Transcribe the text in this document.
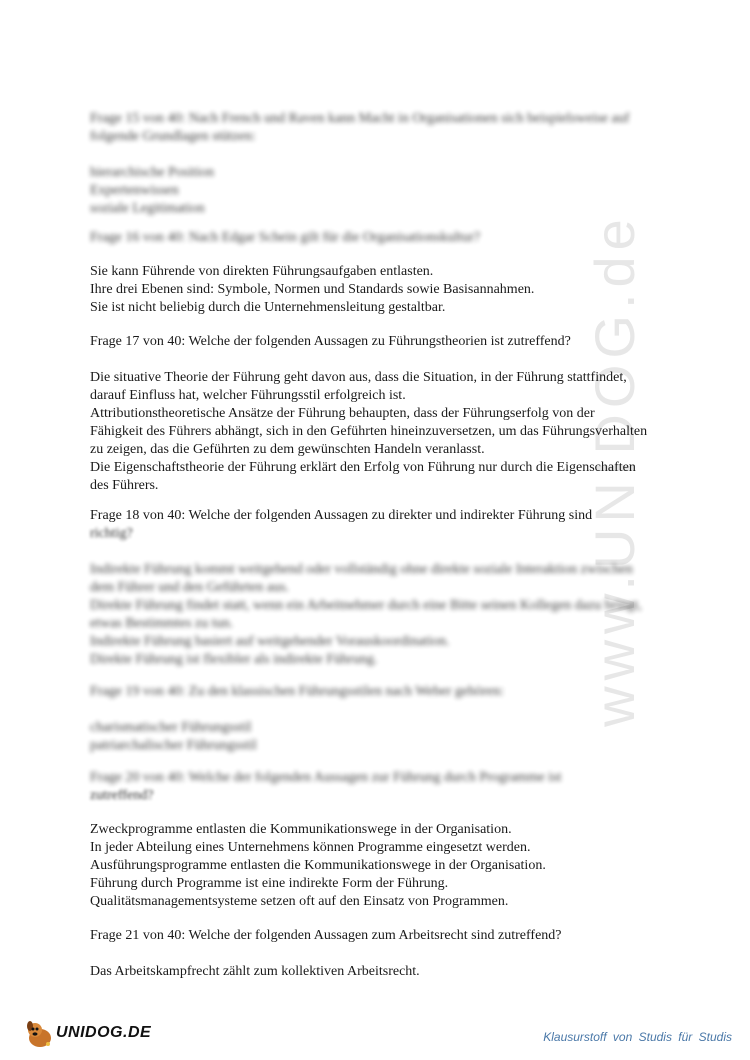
www.UNIDOG.de

Frage 15 von 40: Nach French und Raven kann Macht in Organisationen sich beispielsweise auf folgende Grundlagen stützen:

hierarchische Position

Expertenwissen

soziale Legitimation

Frage 16 von 40: Nach Edgar Schein gilt für die Organisationskultur?

Sie kann Führende von direkten Führungsaufgaben entlasten.

Ihre drei Ebenen sind: Symbole, Normen und Standards sowie Basisannahmen.

Sie ist nicht beliebig durch die Unternehmensleitung gestaltbar.

Frage 17 von 40: Welche der folgenden Aussagen zu Führungstheorien ist zutreffend?

Die situative Theorie der Führung geht davon aus, dass die Situation, in der Führung stattfindet, darauf Einfluss hat, welcher Führungsstil erfolgreich ist.

Attributionstheoretische Ansätze der Führung behaupten, dass der Führungserfolg von der Fähigkeit des Führers abhängt, sich in den Geführten hineinzuversetzen, um das Führungsverhalten zu zeigen, das die Geführten zu dem gewünschten Handeln veranlasst.

Die Eigenschaftstheorie der Führung erklärt den Erfolg von Führung nur durch die Eigenschaften des Führers.

Frage 18 von 40: Welche der folgenden Aussagen zu direkter und indirekter Führung sind

richtig?

Indirekte Führung kommt weitgehend oder vollständig ohne direkte soziale Interaktion zwischen dem Führer und den Geführten aus.

Direkte Führung findet statt, wenn ein Arbeitnehmer durch eine Bitte seinen Kollegen dazu bringt, etwas Bestimmtes zu tun.

Indirekte Führung basiert auf weitgehender Vorauskoordination.

Direkte Führung ist flexibler als indirekte Führung.

Frage 19 von 40: Zu den klassischen Führungsstilen nach Weber gehören:

charismatischer Führungsstil

patriarchalischer Führungsstil

Frage 20 von 40: Welche der folgenden Aussagen zur Führung durch Programme ist

zutreffend?

Zweckprogramme entlasten die Kommunikationswege in der Organisation.

In jeder Abteilung eines Unternehmens können Programme eingesetzt werden.

Ausführungsprogramme entlasten die Kommunikationswege in der Organisation.

Führung durch Programme ist eine indirekte Form der Führung.

Qualitätsmanagementsysteme setzen oft auf den Einsatz von Programmen.

Frage 21 von 40: Welche der folgenden Aussagen zum Arbeitsrecht sind zutreffend?

Das Arbeitskampfrecht zählt zum kollektiven Arbeitsrecht.

UNIDOG.DE	Klausurstoff von Studis für Studis
